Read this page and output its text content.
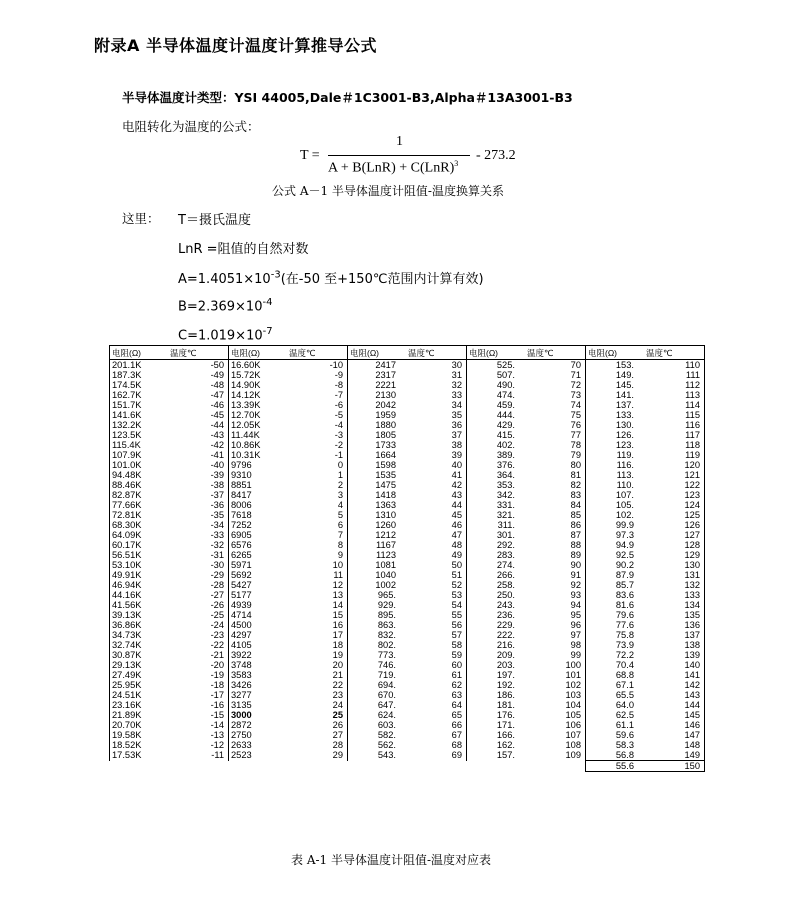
附录A 半导体温度计温度计算推导公式
半导体温度计类型：YSI 44005,Dale＃1C3001-B3,Alpha＃13A3001-B3
电阻转化为温度的公式：
T =
1
A + B(LnR) + C(LnR)$^3$
- 273.2
公式 A－1 半导体温度计阻值-温度换算关系
这里： T＝摄氏温度
LnR =阻值的自然对数
$A=1.4051\times 10^{-3}$(在-50 至+150℃范围内计算有效)
$B=2.369\times 10^{-4}$
$C=1.019\times 10^{-7}$
电阻(Ω)	温度℃	电阻(Ω)	温度℃	电阻(Ω)	温度℃	电阻(Ω)	温度℃	电阻(Ω)	温度℃
201.1K	-50	16.60K	-10	2417	30	525.	70	153.	110
187.3K	-49	15.72K	-9	2317	31	507.	71	149.	111
174.5K	-48	14.90K	-8	2221	32	490.	72	145.	112
162.7K	-47	14.12K	-7	2130	33	474.	73	141.	113
151.7K	-46	13.39K	-6	2042	34	459.	74	137.	114
141.6K	-45	12.70K	-5	1959	35	444.	75	133.	115
132.2K	-44	12.05K	-4	1880	36	429.	76	130.	116
123.5K	-43	11.44K	-3	1805	37	415.	77	126.	117
115.4K	-42	10.86K	-2	1733	38	402.	78	123.	118
107.9K	-41	10.31K	-1	1664	39	389.	79	119.	119
101.0K	-40	9796	0	1598	40	376.	80	116.	120
94.48K	-39	9310	1	1535	41	364.	81	113.	121
88.46K	-38	8851	2	1475	42	353.	82	110.	122
82.87K	-37	8417	3	1418	43	342.	83	107.	123
77.66K	-36	8006	4	1363	44	331.	84	105.	124
72.81K	-35	7618	5	1310	45	321.	85	102.	125
68.30K	-34	7252	6	1260	46	311.	86	99.9	126
64.09K	-33	6905	7	1212	47	301.	87	97.3	127
60.17K	-32	6576	8	1167	48	292.	88	94.9	128
56.51K	-31	6265	9	1123	49	283.	89	92.5	129
53.10K	-30	5971	10	1081	50	274.	90	90.2	130
49.91K	-29	5692	11	1040	51	266.	91	87.9	131
46.94K	-28	5427	12	1002	52	258.	92	85.7	132
44.16K	-27	5177	13	965.	53	250.	93	83.6	133
41.56K	-26	4939	14	929.	54	243.	94	81.6	134
39.13K	-25	4714	15	895.	55	236.	95	79.6	135
36.86K	-24	4500	16	863.	56	229.	96	77.6	136
34.73K	-23	4297	17	832.	57	222.	97	75.8	137
32.74K	-22	4105	18	802.	58	216.	98	73.9	138
30.87K	-21	3922	19	773.	59	209.	99	72.2	139
29.13K	-20	3748	20	746.	60	203.	100	70.4	140
27.49K	-19	3583	21	719.	61	197.	101	68.8	141
25.95K	-18	3426	22	694.	62	192.	102	67.1	142
24.51K	-17	3277	23	670.	63	186.	103	65.5	143
23.16K	-16	3135	24	647.	64	181.	104	64.0	144
21.89K	-15	3000	25	624.	65	176.	105	62.5	145
20.70K	-14	2872	26	603.	66	171.	106	61.1	146
19.58K	-13	2750	27	582.	67	166.	107	59.6	147
18.52K	-12	2633	28	562.	68	162.	108	58.3	148
17.53K	-11	2523	29	543.	69	157.	109	56.8	149
								55.6	150
表 A-1 半导体温度计阻值-温度对应表
